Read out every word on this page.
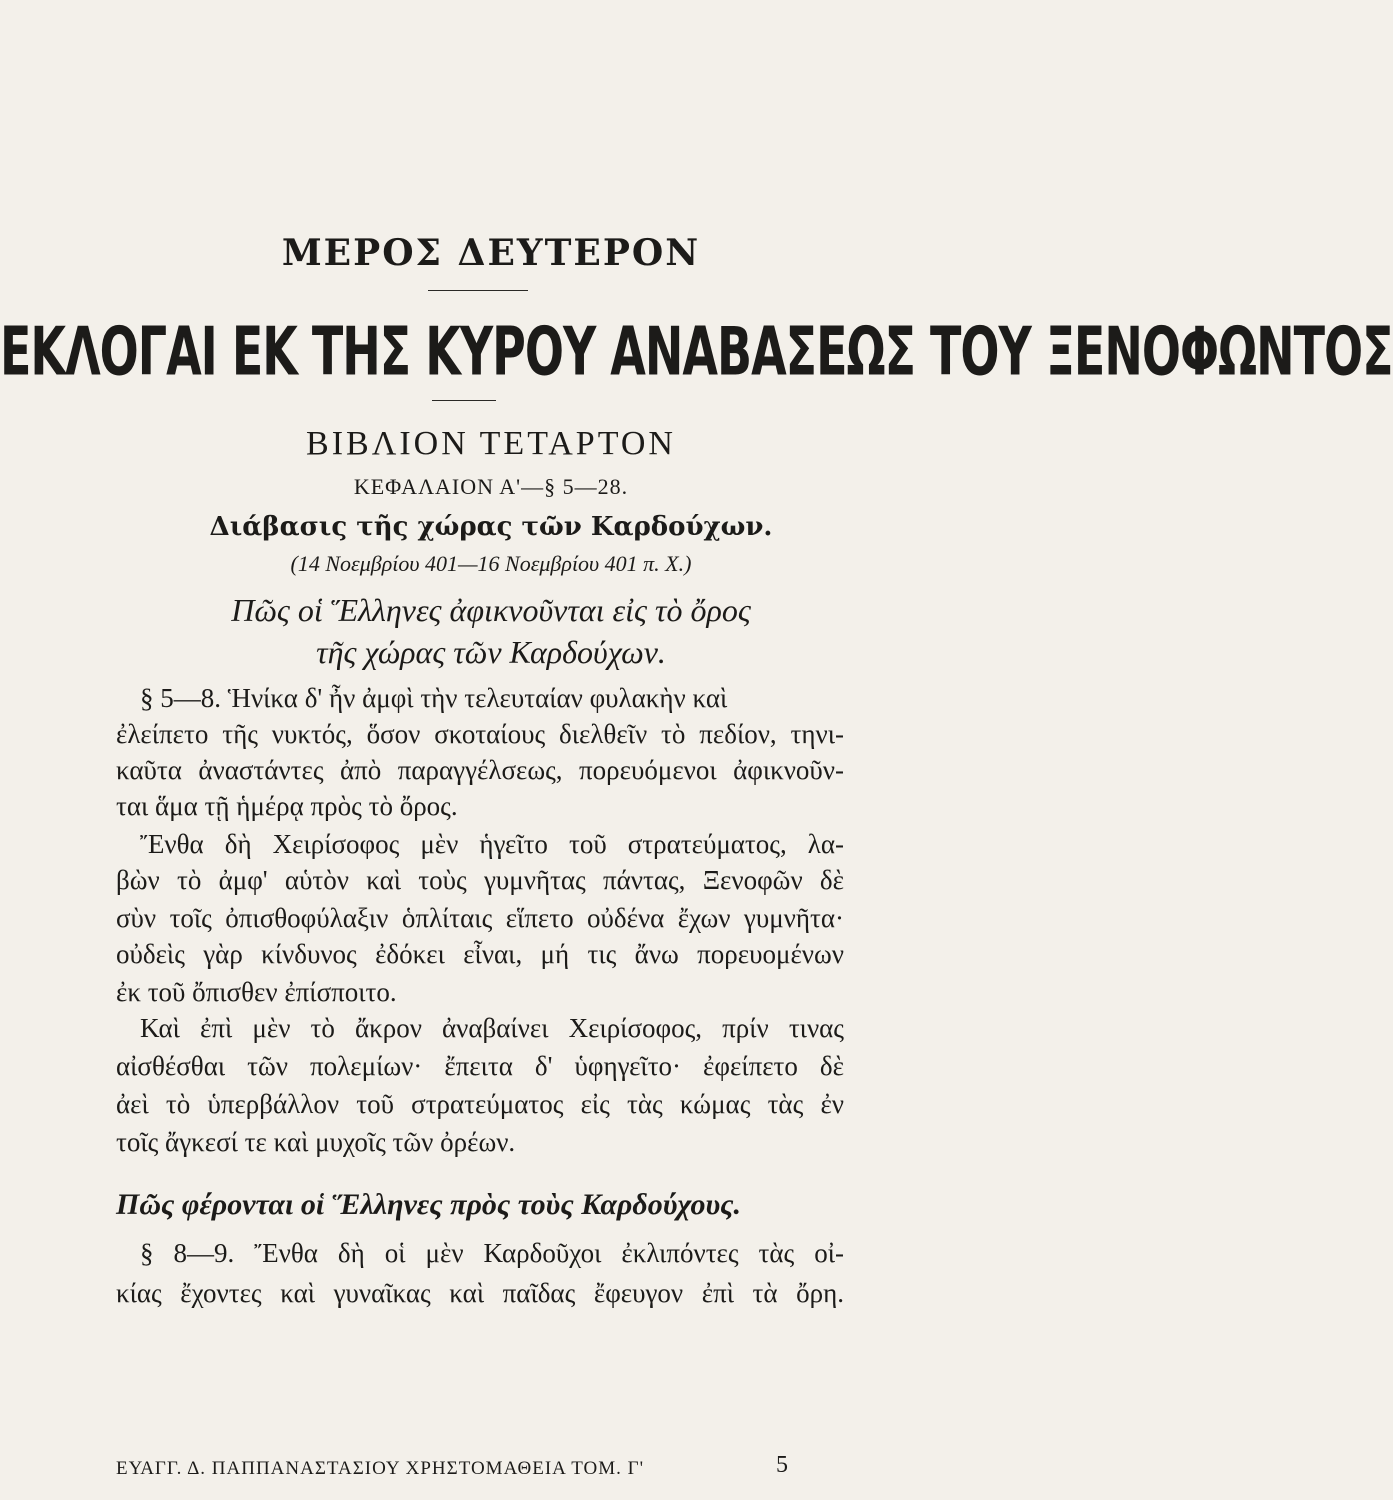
ΜΕΡΟΣ ΔΕΥΤΕΡΟΝ
ΕΚΛΟΓΑΙ ΕΚ ΤΗΣ ΚΥΡΟΥ ΑΝΑΒΑΣΕΩΣ ΤΟΥ ΞΕΝΟΦΩΝΤΟΣ
ΒΙΒΛΙΟΝ ΤΕΤΑΡΤΟΝ
ΚΕΦΑΛΑΙΟΝ Α'—§ 5—28.
Διάβασις τῆς χώρας τῶν Καρδούχων.
(14 Νοεμβρίου 401—16 Νοεμβρίου 401 π. Χ.)
Πῶς οἱ Ἕλληνες ἀφικνοῦνται εἰς τὸ ὄρος
τῆς χώρας τῶν Καρδούχων.
§ 5—8. Ἡνίκα δ' ἦν ἀμφὶ τὴν τελευταίαν φυλακὴν καὶ
ἐλείπετο τῆς νυκτός, ὅσον σκοταίους διελθεῖν τὸ πεδίον, τηνι-
καῦτα ἀναστάντες ἀπὸ παραγγέλσεως, πορευόμενοι ἀφικνοῦν-
ται ἅμα τῇ ἡμέρᾳ πρὸς τὸ ὄρος.
Ἔνθα δὴ Χειρίσοφος μὲν ἡγεῖτο τοῦ στρατεύματος, λα-
βὼν τὸ ἀμφ' αὑτὸν καὶ τοὺς γυμνῆτας πάντας, Ξενοφῶν δὲ
σὺν τοῖς ὀπισθοφύλαξιν ὁπλίταις εἵπετο οὐδένα ἔχων γυμνῆτα·
οὐδεὶς γὰρ κίνδυνος ἐδόκει εἶναι, μή τις ἄνω πορευομένων
ἐκ τοῦ ὄπισθεν ἐπίσποιτο.
Καὶ ἐπὶ μὲν τὸ ἄκρον ἀναβαίνει Χειρίσοφος, πρίν τινας
αἰσθέσθαι τῶν πολεμίων· ἔπειτα δ' ὑφηγεῖτο· ἐφείπετο δὲ
ἀεὶ τὸ ὑπερβάλλον τοῦ στρατεύματος εἰς τὰς κώμας τὰς ἐν
τοῖς ἄγκεσί τε καὶ μυχοῖς τῶν ὀρέων.
Πῶς φέρονται οἱ Ἕλληνες πρὸς τοὺς Καρδούχους.
§ 8—9. Ἔνθα δὴ οἱ μὲν Καρδοῦχοι ἐκλιπόντες τὰς οἰ-
κίας ἔχοντες καὶ γυναῖκας καὶ παῖδας ἔφευγον ἐπὶ τὰ ὄρη.
ΕΥΑΓΓ. Δ. ΠΑΠΠΑΝΑΣΤΑΣΙΟΥ ΧΡΗΣΤΟΜΑΘΕΙΑ ΤΟΜ. Γ'	5
